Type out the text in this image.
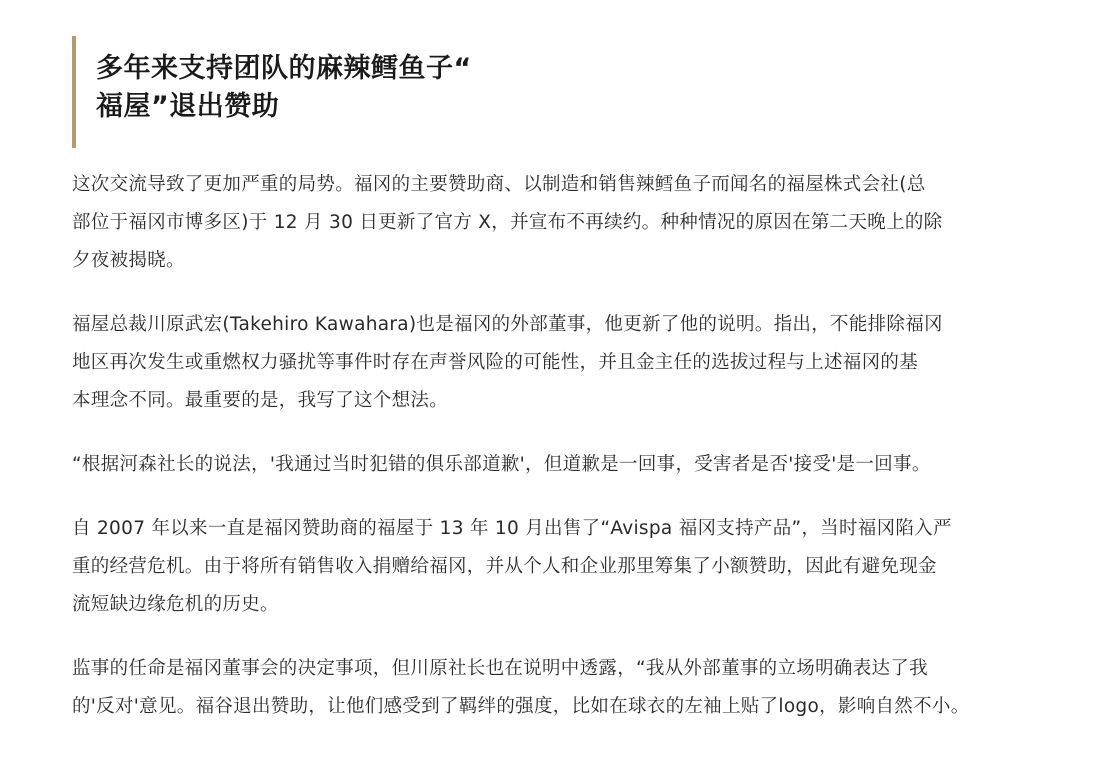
多年来支持团队的麻辣鳕鱼子“
福屋”退出赞助

这次交流导致了更加严重的局势。福冈的主要赞助商、以制造和销售辣鳕鱼子而闻名的福屋株式会社(总
部位于福冈市博多区)于 12 月 30 日更新了官方 X，并宣布不再续约。种种情况的原因在第二天晚上的除
夕夜被揭晓。

福屋总裁川原武宏(Takehiro Kawahara)也是福冈的外部董事，他更新了他的说明。指出，不能排除福冈
地区再次发生或重燃权力骚扰等事件时存在声誉风险的可能性，并且金主任的选拔过程与上述福冈的基
本理念不同。最重要的是，我写了这个想法。

“根据河森社长的说法，'我通过当时犯错的俱乐部道歉'，但道歉是一回事，受害者是否'接受'是一回事。

自 2007 年以来一直是福冈赞助商的福屋于 13 年 10 月出售了“Avispa 福冈支持产品”，当时福冈陷入严
重的经营危机。由于将所有销售收入捐赠给福冈，并从个人和企业那里筹集了小额赞助，因此有避免现金
流短缺边缘危机的历史。

监事的任命是福冈董事会的决定事项，但川原社长也在说明中透露，“我从外部董事的立场明确表达了我
的'反对'意见。福谷退出赞助，让他们感受到了羁绊的强度，比如在球衣的左袖上贴了logo，影响自然不小。
